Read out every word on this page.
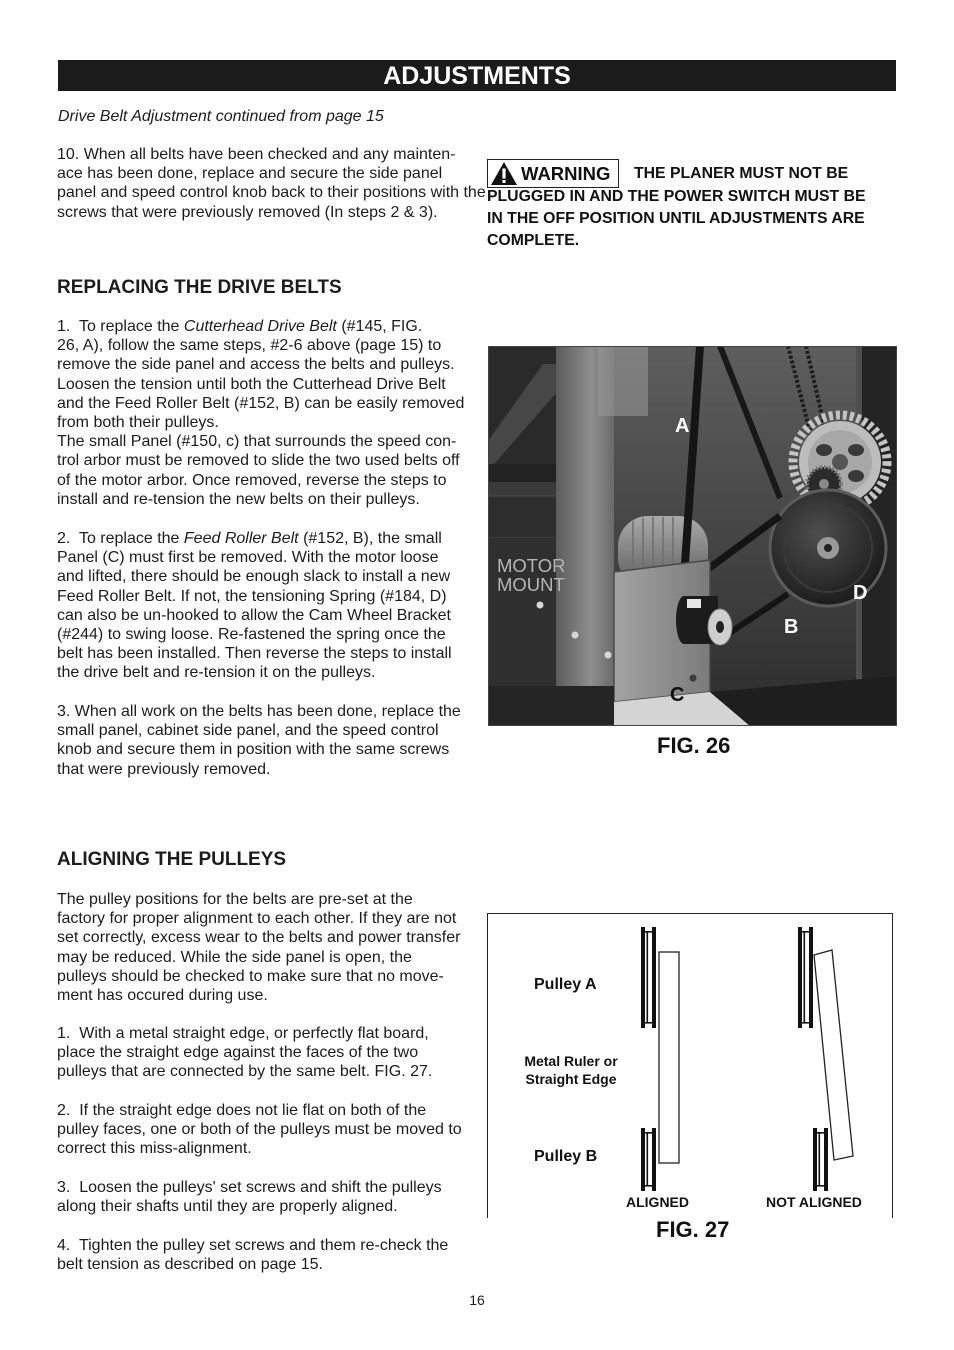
ADJUSTMENTS
Drive Belt Adjustment continued from page 15
10. When all belts have been checked and any mainten-
ace has been done, replace and secure the side panel
panel and speed control knob back to their positions with the
screws that were previously removed (In steps 2 & 3).
REPLACING THE DRIVE BELTS
1.  To replace the Cutterhead Drive Belt (#145, FIG.
26, A), follow the same steps, #2-6 above (page 15) to
remove the side panel and access the belts and pulleys.
Loosen the tension until both the Cutterhead Drive Belt
and the Feed Roller Belt (#152, B) can be easily removed
from both their pulleys.
The small Panel (#150, c) that surrounds the speed con-
trol arbor must be removed to slide the two used belts off
of the motor arbor. Once removed, reverse the steps to
install and re-tension the new belts on their pulleys.
2.  To replace the Feed Roller Belt (#152, B), the small
Panel (C) must first be removed. With the motor loose
and lifted, there should be enough slack to install a new
Feed Roller Belt. If not, the tensioning Spring (#184, D)
can also be un-hooked to allow the Cam Wheel Bracket
(#244) to swing loose. Re-fastened the spring once the
belt has been installed. Then reverse the steps to install
the drive belt and re-tension it on the pulleys.
3. When all work on the belts has been done, replace the
small panel, cabinet side panel, and the speed control
knob and secure them in position with the same screws
that were previously removed.
ALIGNING THE PULLEYS
The pulley positions for the belts are pre-set at the
factory for proper alignment to each other. If they are not
set correctly, excess wear to the belts and power transfer
may be reduced. While the side panel is open, the
pulleys should be checked to make sure that no move-
ment has occured during use.
1.  With a metal straight edge, or perfectly flat board,
place the straight edge against the faces of the two
pulleys that are connected by the same belt. FIG. 27.
2.  If the straight edge does not lie flat on both of the
pulley faces, one or both of the pulleys must be moved to
correct this miss-alignment.
3.  Loosen the pulleys' set screws and shift the pulleys
along their shafts until they are properly aligned.
4.  Tighten the pulley set screws and them re-check the
belt tension as described on page 15.
16
WARNING THE PLANER MUST NOT BE
PLUGGED IN AND THE POWER SWITCH MUST BE
IN THE OFF POSITION UNTIL ADJUSTMENTS ARE
COMPLETE.
A
D
B
C
MOTOR
MOUNT
FIG. 26
Pulley A
Metal Ruler or
Straight Edge
Pulley B
ALIGNED	NOT ALIGNED
FIG. 27
